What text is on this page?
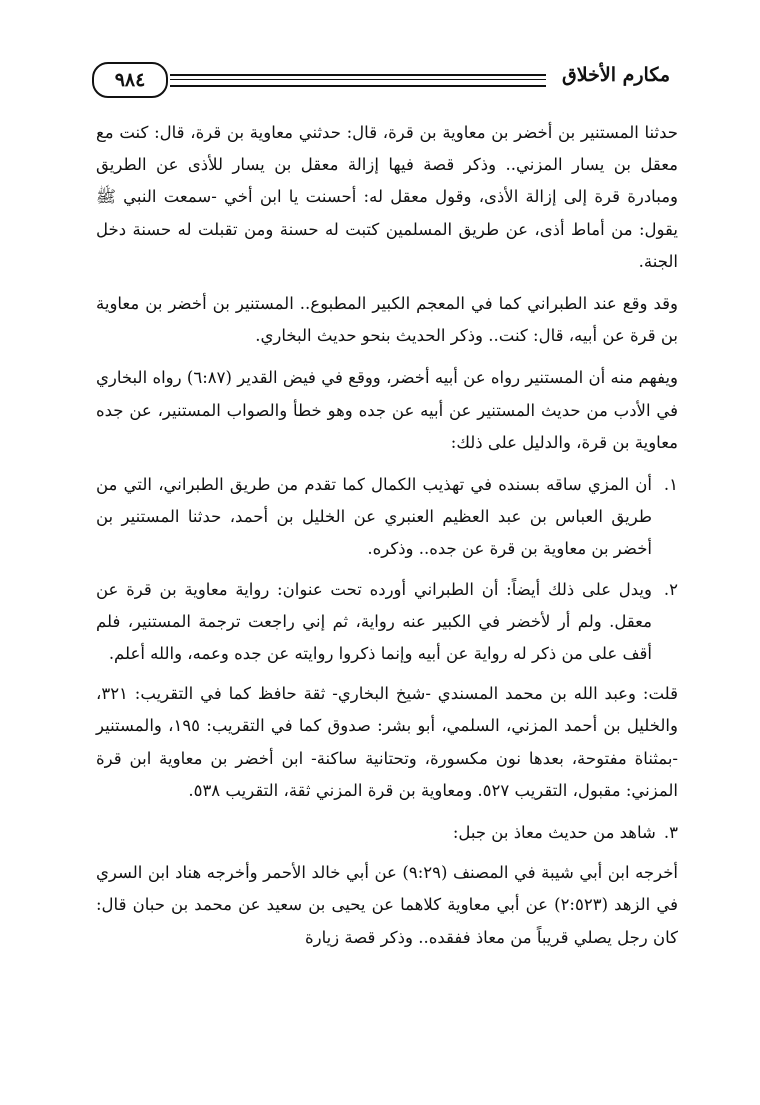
٩٨٤	مكارم الأخلاق

حدثنا المستنير بن أخضر بن معاوية بن قرة، قال: حدثني معاوية بن قرة، قال: كنت مع معقل بن يسار المزني.. وذكر قصة فيها إزالة معقل بن يسار للأذى عن الطريق ومبادرة قرة إلى إزالة الأذى، وقول معقل له: أحسنت يا ابن أخي -سمعت النبي ﷺ يقول: من أماط أذى، عن طريق المسلمين كتبت له حسنة ومن تقبلت له حسنة دخل الجنة.

وقد وقع عند الطبراني كما في المعجم الكبير المطبوع.. المستنير بن أخضر بن معاوية بن قرة عن أبيه، قال: كنت.. وذكر الحديث بنحو حديث البخاري.

ويفهم منه أن المستنير رواه عن أبيه أخضر، ووقع في فيض القدير (٦:٨٧) رواه البخاري في الأدب من حديث المستنير عن أبيه عن جده وهو خطأ والصواب المستنير، عن جده معاوية بن قرة، والدليل على ذلك:

١.
أن المزي ساقه بسنده في تهذيب الكمال كما تقدم من طريق الطبراني، التي من طريق العباس بن عبد العظيم العنبري عن الخليل بن أحمد، حدثنا المستنير بن أخضر بن معاوية بن قرة عن جده.. وذكره.
٢.
ويدل على ذلك أيضاً: أن الطبراني أورده تحت عنوان: رواية معاوية بن قرة عن معقل. ولم أر لأخضر في الكبير عنه رواية، ثم إني راجعت ترجمة المستنير، فلم أقف على من ذكر له رواية عن أبيه وإنما ذكروا روايته عن جده وعمه، والله أعلم.

قلت: وعبد الله بن محمد المسندي -شيخ البخاري- ثقة حافظ كما في التقريب: ٣٢١، والخليل بن أحمد المزني، السلمي، أبو بشر: صدوق كما في التقريب: ١٩٥، والمستنير -بمثناة مفتوحة، بعدها نون مكسورة، وتحتانية ساكنة- ابن أخضر بن معاوية ابن قرة المزني: مقبول، التقريب ٥٢٧. ومعاوية بن قرة المزني ثقة، التقريب ٥٣٨.

٣.
شاهد من حديث معاذ بن جبل:

أخرجه ابن أبي شيبة في المصنف (٩:٢٩) عن أبي خالد الأحمر وأخرجه هناد ابن السري في الزهد (٢:٥٢٣) عن أبي معاوية كلاهما عن يحيى بن سعيد عن محمد بن حبان قال: كان رجل يصلي قريباً من معاذ ففقده.. وذكر قصة زيارة
